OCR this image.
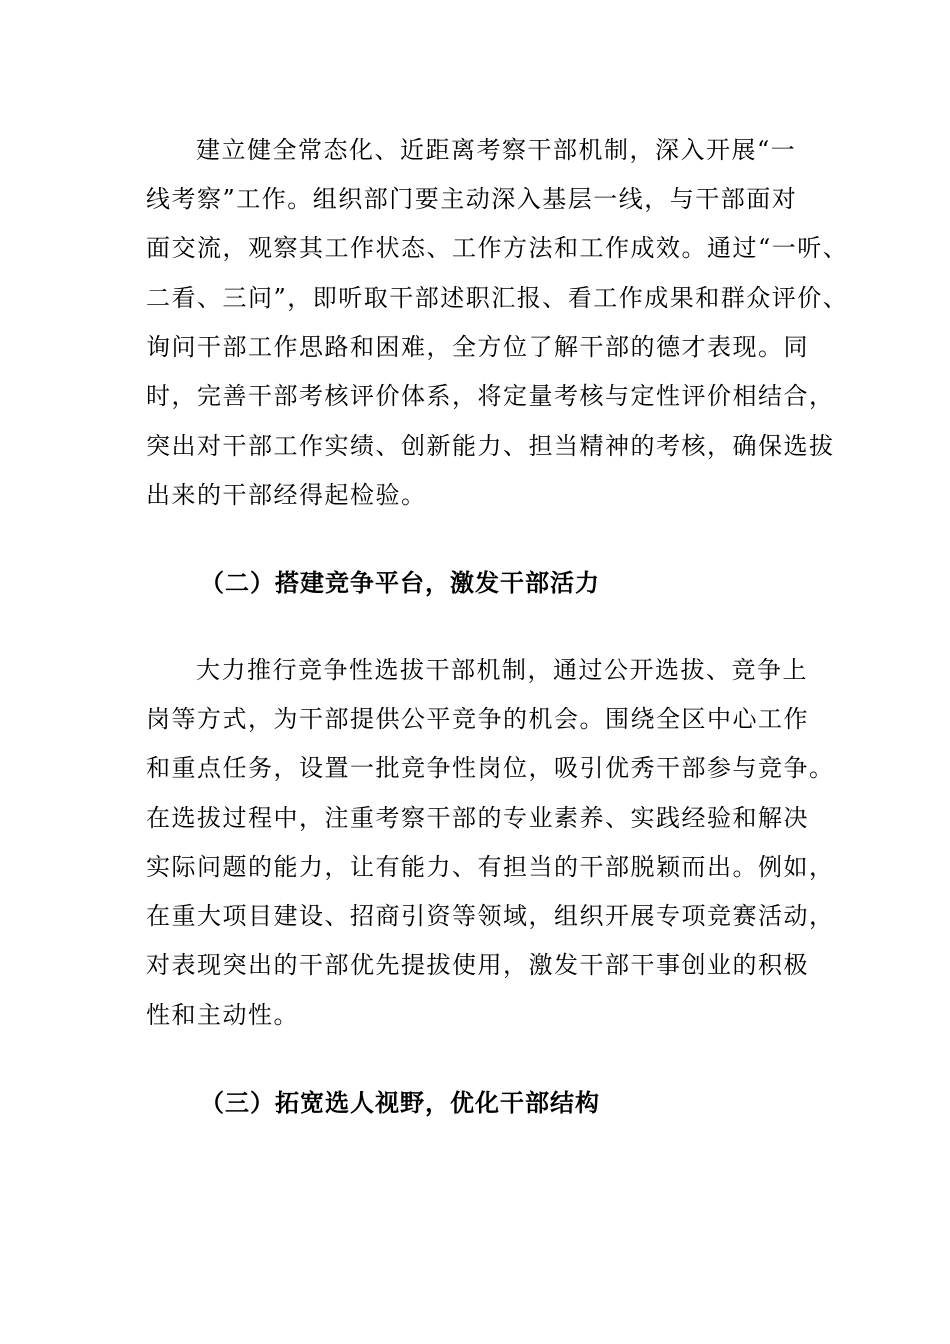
建立健全常态化、近距离考察干部机制，深入开展“一
线考察”工作。组织部门要主动深入基层一线，与干部面对
面交流，观察其工作状态、工作方法和工作成效。通过“一听、
二看、三问”，即听取干部述职汇报、看工作成果和群众评价、
询问干部工作思路和困难，全方位了解干部的德才表现。同
时，完善干部考核评价体系，将定量考核与定性评价相结合，
突出对干部工作实绩、创新能力、担当精神的考核，确保选拔
出来的干部经得起检验。
（二）搭建竞争平台，激发干部活力
大力推行竞争性选拔干部机制，通过公开选拔、竞争上
岗等方式，为干部提供公平竞争的机会。围绕全区中心工作
和重点任务，设置一批竞争性岗位，吸引优秀干部参与竞争。
在选拔过程中，注重考察干部的专业素养、实践经验和解决
实际问题的能力，让有能力、有担当的干部脱颖而出。例如，
在重大项目建设、招商引资等领域，组织开展专项竞赛活动，
对表现突出的干部优先提拔使用，激发干部干事创业的积极
性和主动性。
（三）拓宽选人视野，优化干部结构
